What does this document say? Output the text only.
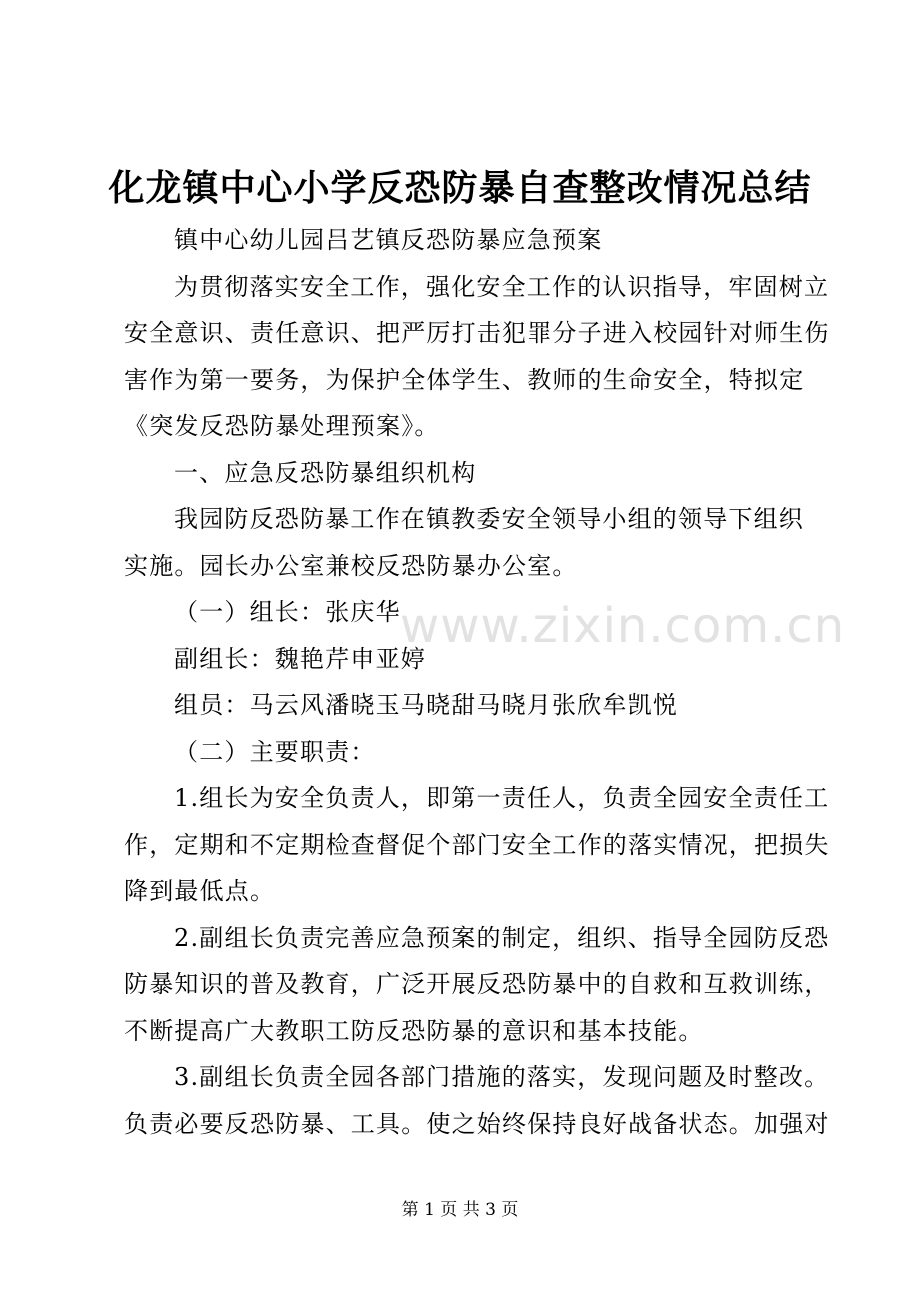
化龙镇中心小学反恐防暴自查整改情况总结
镇中心幼儿园吕艺镇反恐防暴应急预案
为贯彻落实安全工作，强化安全工作的认识指导，牢固树立
安全意识、责任意识、把严厉打击犯罪分子进入校园针对师生伤
害作为第一要务，为保护全体学生、教师的生命安全，特拟定
《突发反恐防暴处理预案》。
一、应急反恐防暴组织机构
我园防反恐防暴工作在镇教委安全领导小组的领导下组织
实施。园长办公室兼校反恐防暴办公室。
（一）组长：张庆华
副组长：魏艳芹申亚婷
组员：马云风潘晓玉马晓甜马晓月张欣牟凯悦
（二）主要职责：
1.组长为安全负责人，即第一责任人，负责全园安全责任工
作，定期和不定期检查督促个部门安全工作的落实情况，把损失
降到最低点。
2.副组长负责完善应急预案的制定，组织、指导全园防反恐
防暴知识的普及教育，广泛开展反恐防暴中的自救和互救训练，
不断提高广大教职工防反恐防暴的意识和基本技能。
3.副组长负责全园各部门措施的落实，发现问题及时整改。
负责必要反恐防暴、工具。使之始终保持良好战备状态。加强对
www.zixin.com.cn
第 1 页 共 3 页
